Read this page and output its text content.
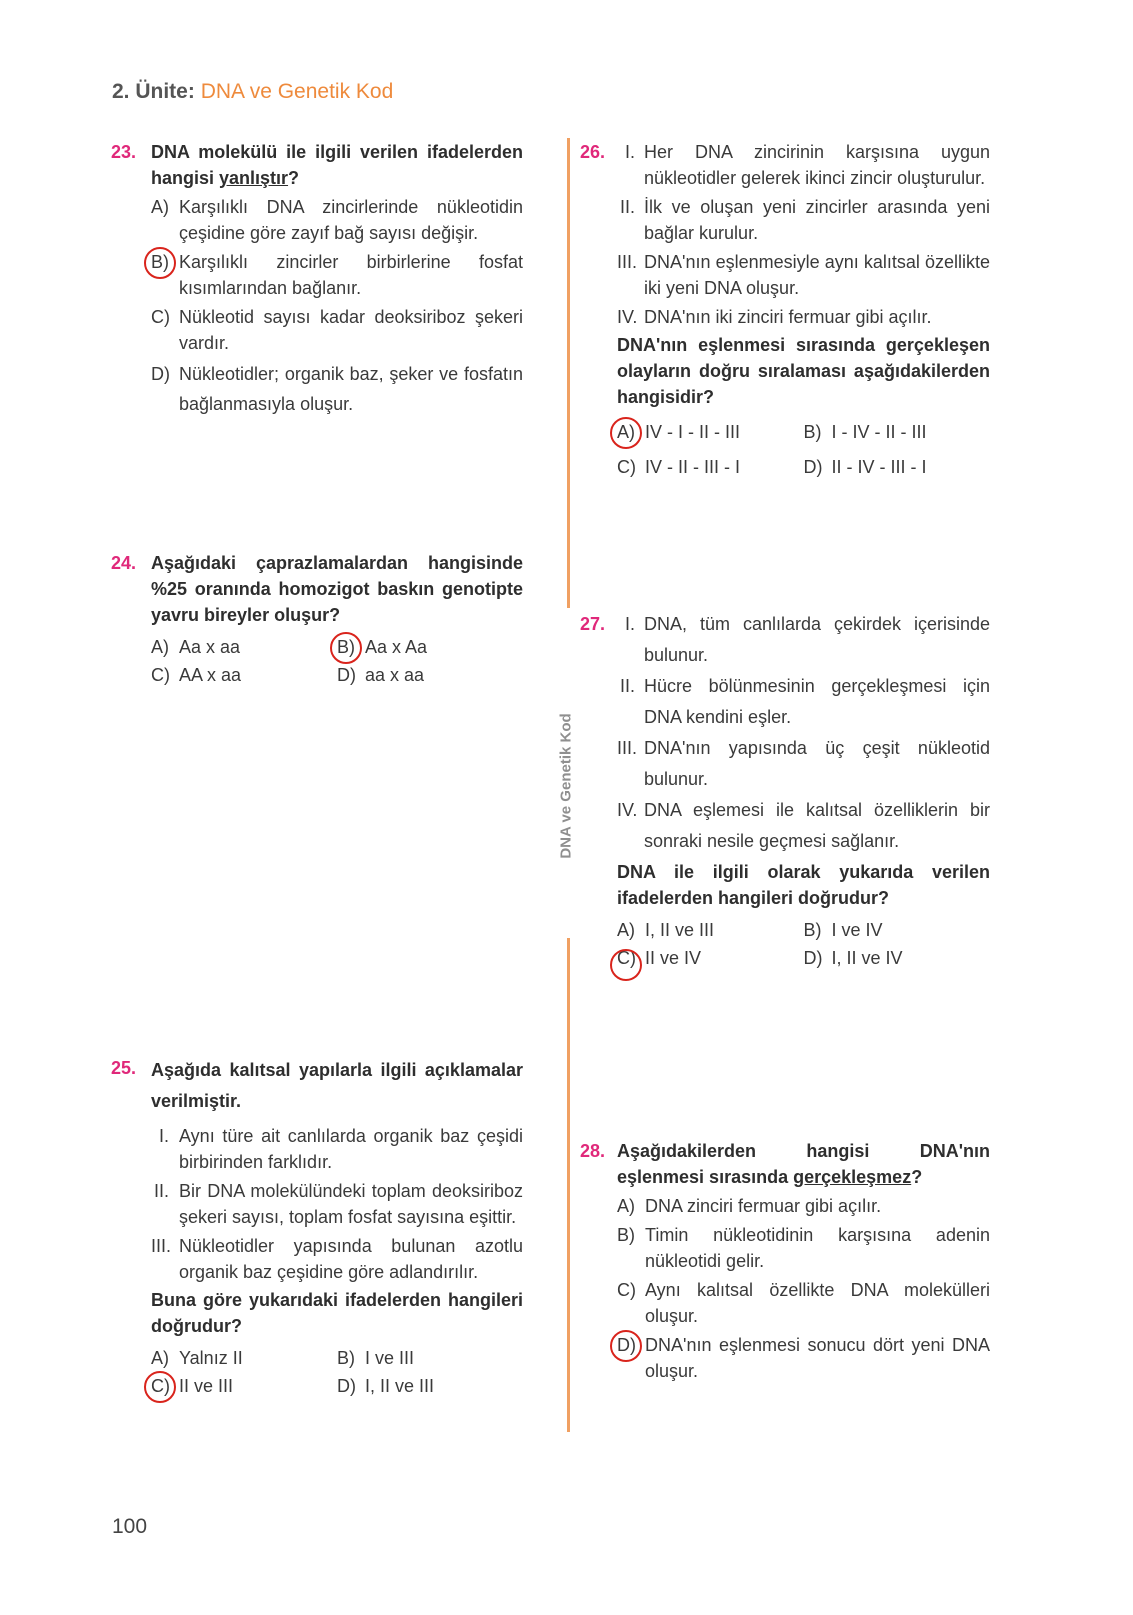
2. Ünite: DNA ve Genetik Kod
DNA ve Genetik Kod
23. DNA molekülü ile ilgili verilen ifadelerden hangisi yanlıştır?
A) Karşılıklı DNA zincirlerinde nükleotidin çeşidine göre zayıf bağ sayısı değişir.
B) Karşılıklı zincirler birbirlerine fosfat kısımlarından bağlanır.
C) Nükleotid sayısı kadar deoksiriboz şekeri vardır.
D) Nükleotidler; organik baz, şeker ve fosfatın bağlanmasıyla oluşur.
24. Aşağıdaki çaprazlamalardan hangisinde %25 oranında homozigot baskın genotipte yavru bireyler oluşur?
A) Aa x aa	B) Aa x Aa
C) AA x aa	D) aa x aa
25. Aşağıda kalıtsal yapılarla ilgili açıklamalar verilmiştir.
I. Aynı türe ait canlılarda organik baz çeşidi birbirinden farklıdır.
II. Bir DNA molekülündeki toplam deoksiriboz şekeri sayısı, toplam fosfat sayısına eşittir.
III. Nükleotidler yapısında bulunan azotlu organik baz çeşidine göre adlandırılır.
Buna göre yukarıdaki ifadelerden hangileri doğrudur?
A) Yalnız II	B) I ve III
C) II ve III	D) I, II ve III
26. I. Her DNA zincirinin karşısına uygun nükleotidler gelerek ikinci zincir oluşturulur.
II. İlk ve oluşan yeni zincirler arasında yeni bağlar kurulur.
III. DNA'nın eşlenmesiyle aynı kalıtsal özellikte iki yeni DNA oluşur.
IV. DNA'nın iki zinciri fermuar gibi açılır.
DNA'nın eşlenmesi sırasında gerçekleşen olayların doğru sıralaması aşağıdakilerden hangisidir?
A) IV - I - II - III	B) I - IV - II - III
C) IV - II - III - I	D) II - IV - III - I
27. I. DNA, tüm canlılarda çekirdek içerisinde bulunur.
II. Hücre bölünmesinin gerçekleşmesi için DNA kendini eşler.
III. DNA'nın yapısında üç çeşit nükleotid bulunur.
IV. DNA eşlemesi ile kalıtsal özelliklerin bir sonraki nesile geçmesi sağlanır.
DNA ile ilgili olarak yukarıda verilen ifadelerden hangileri doğrudur?
A) I, II ve III	B) I ve IV
C) II ve IV	D) I, II ve IV
28. Aşağıdakilerden hangisi DNA'nın eşlenmesi sırasında gerçekleşmez?
A) DNA zinciri fermuar gibi açılır.
B) Timin nükleotidinin karşısına adenin nükleotidi gelir.
C) Aynı kalıtsal özellikte DNA molekülleri oluşur.
D) DNA'nın eşlenmesi sonucu dört yeni DNA oluşur.
100
